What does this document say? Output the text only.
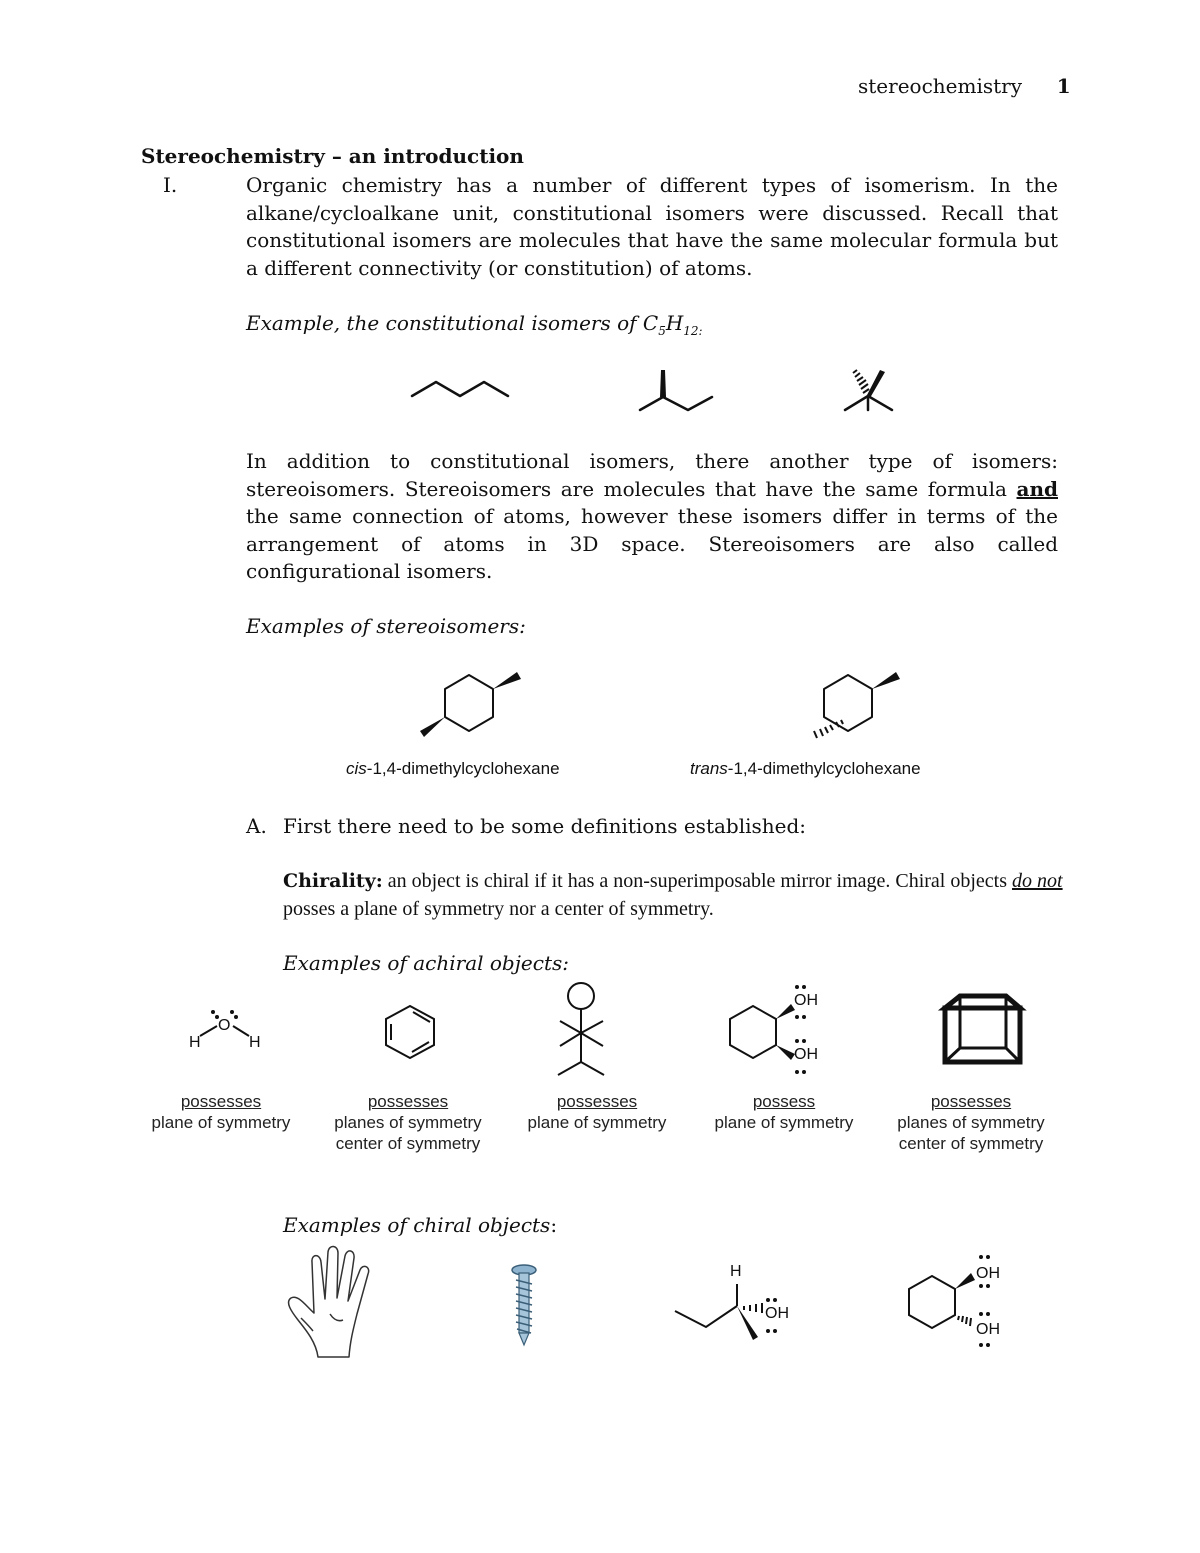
stereochemistry 1
Stereochemistry – an introduction
I.	Organic chemistry has a number of different types of isomerism. In the alkane/cycloalkane unit, constitutional isomers were discussed. Recall that constitutional isomers are molecules that have the same molecular formula but a different connectivity (or constitution) of atoms.
Example, the constitutional isomers of $C_5H_{12:}$
In addition to constitutional isomers, there another type of isomers: stereoisomers. Stereoisomers are molecules that have the same formula and the same connection of atoms, however these isomers differ in terms of the arrangement of atoms in 3D space. Stereoisomers are also called configurational isomers.
Examples of stereoisomers:
cis-1,4-dimethylcyclohexane	trans-1,4-dimethylcyclohexane
A. First there need to be some definitions established:
Chirality: an object is chiral if it has a non-superimposable mirror image. Chiral objects do not posses a plane of symmetry nor a center of symmetry.
Examples of achiral objects:
O
H	H
OH
OH
possesses
plane of symmetry
possesses
planes of symmetry
center of symmetry
possesses
plane of symmetry
possess
plane of symmetry
possesses
planes of symmetry
center of symmetry
Examples of chiral objects:
H
OH
OH
OH
